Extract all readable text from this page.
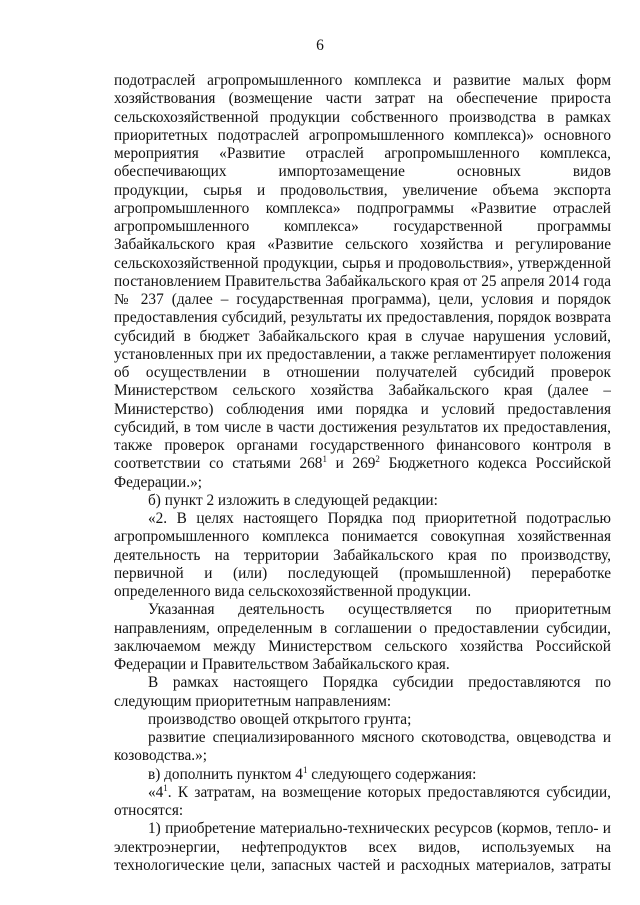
6
подотраслей агропромышленного комплекса и развитие малых форм
хозяйствования (возмещение части затрат на обеспечение прироста
сельскохозяйственной продукции собственного производства в рамках
приоритетных подотраслей агропромышленного комплекса)» основного
мероприятия «Развитие отраслей агропромышленного комплекса,
обеспечивающих импортозамещение основных видов
продукции, сырья и продовольствия, увеличение объема экспорта
агропромышленного комплекса» подпрограммы «Развитие отраслей
агропромышленного комплекса» государственной программы
Забайкальского края «Развитие сельского хозяйства и регулирование
сельскохозяйственной продукции, сырья и продовольствия», утвержденной
постановлением Правительства Забайкальского края от 25 апреля 2014 года
№ 237 (далее – государственная программа), цели, условия и порядок
предоставления субсидий, результаты их предоставления, порядок возврата
субсидий в бюджет Забайкальского края в случае нарушения условий,
установленных при их предоставлении, а также регламентирует положения
об осуществлении в отношении получателей субсидий проверок
Министерством сельского хозяйства Забайкальского края (далее –
Министерство) соблюдения ими порядка и условий предоставления
субсидий, в том числе в части достижения результатов их предоставления,
также проверок органами государственного финансового контроля в
соответствии со статьями $268^1$ и $269^2$ Бюджетного кодекса Российской
Федерации.»;
б) пункт 2 изложить в следующей редакции:
«2. В целях настоящего Порядка под приоритетной подотраслью
агропромышленного комплекса понимается совокупная хозяйственная
деятельность на территории Забайкальского края по производству,
первичной и (или) последующей (промышленной) переработке
определенного вида сельскохозяйственной продукции.
Указанная деятельность осуществляется по приоритетным
направлениям, определенным в соглашении о предоставлении субсидии,
заключаемом между Министерством сельского хозяйства Российской
Федерации и Правительством Забайкальского края.
В рамках настоящего Порядка субсидии предоставляются по
следующим приоритетным направлениям:
производство овощей открытого грунта;
развитие специализированного мясного скотоводства, овцеводства и
козоводства.»;
в) дополнить пунктом $4^1$ следующего содержания:
«$4^1$. К затратам, на возмещение которых предоставляются субсидии,
относятся:
1) приобретение материально-технических ресурсов (кормов, тепло- и
электроэнергии, нефтепродуктов всех видов, используемых на
технологические цели, запасных частей и расходных материалов, затраты
